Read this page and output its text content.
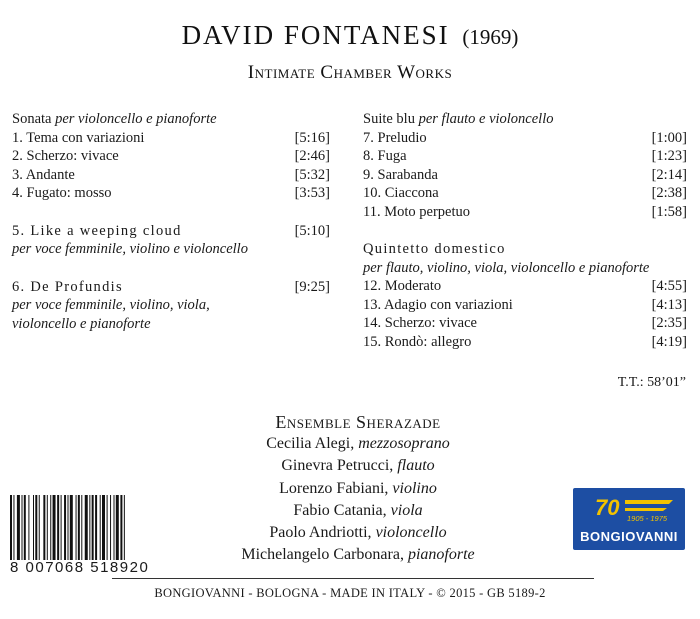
DAVID FONTANESI (1969)
Intimate Chamber Works
Sonata per violoncello e pianoforte
1. Tema con variazioni	[5:16]
2. Scherzo: vivace	[2:46]
3. Andante	[5:32]
4. Fugato: mosso	[3:53]
5. Like a weeping cloud	[5:10]
per voce femminile, violino e violoncello
6. De Profundis	[9:25]
per voce femminile, violino, viola,
violoncello e pianoforte
Suite blu per flauto e violoncello
7. Preludio	[1:00]
8. Fuga	[1:23]
9. Sarabanda	[2:14]
10. Ciaccona	[2:38]
11. Moto perpetuo	[1:58]
Quintetto domestico
per flauto, violino, viola, violoncello e pianoforte
12. Moderato	[4:55]
13. Adagio con variazioni	[4:13]
14. Scherzo: vivace	[2:35]
15. Rondò: allegro	[4:19]
T.T.: 58’01”
Ensemble Sherazade
Cecilia Alegi, mezzosoprano
Ginevra Petrucci, flauto
Lorenzo Fabiani, violino
Fabio Catania, viola
Paolo Andriotti, violoncello
Michelangelo Carbonara, pianoforte
8 007068 518920
70 1905 - 1975
BONGIOVANNI
BONGIOVANNI - BOLOGNA - MADE IN ITALY - © 2015 - GB 5189-2
